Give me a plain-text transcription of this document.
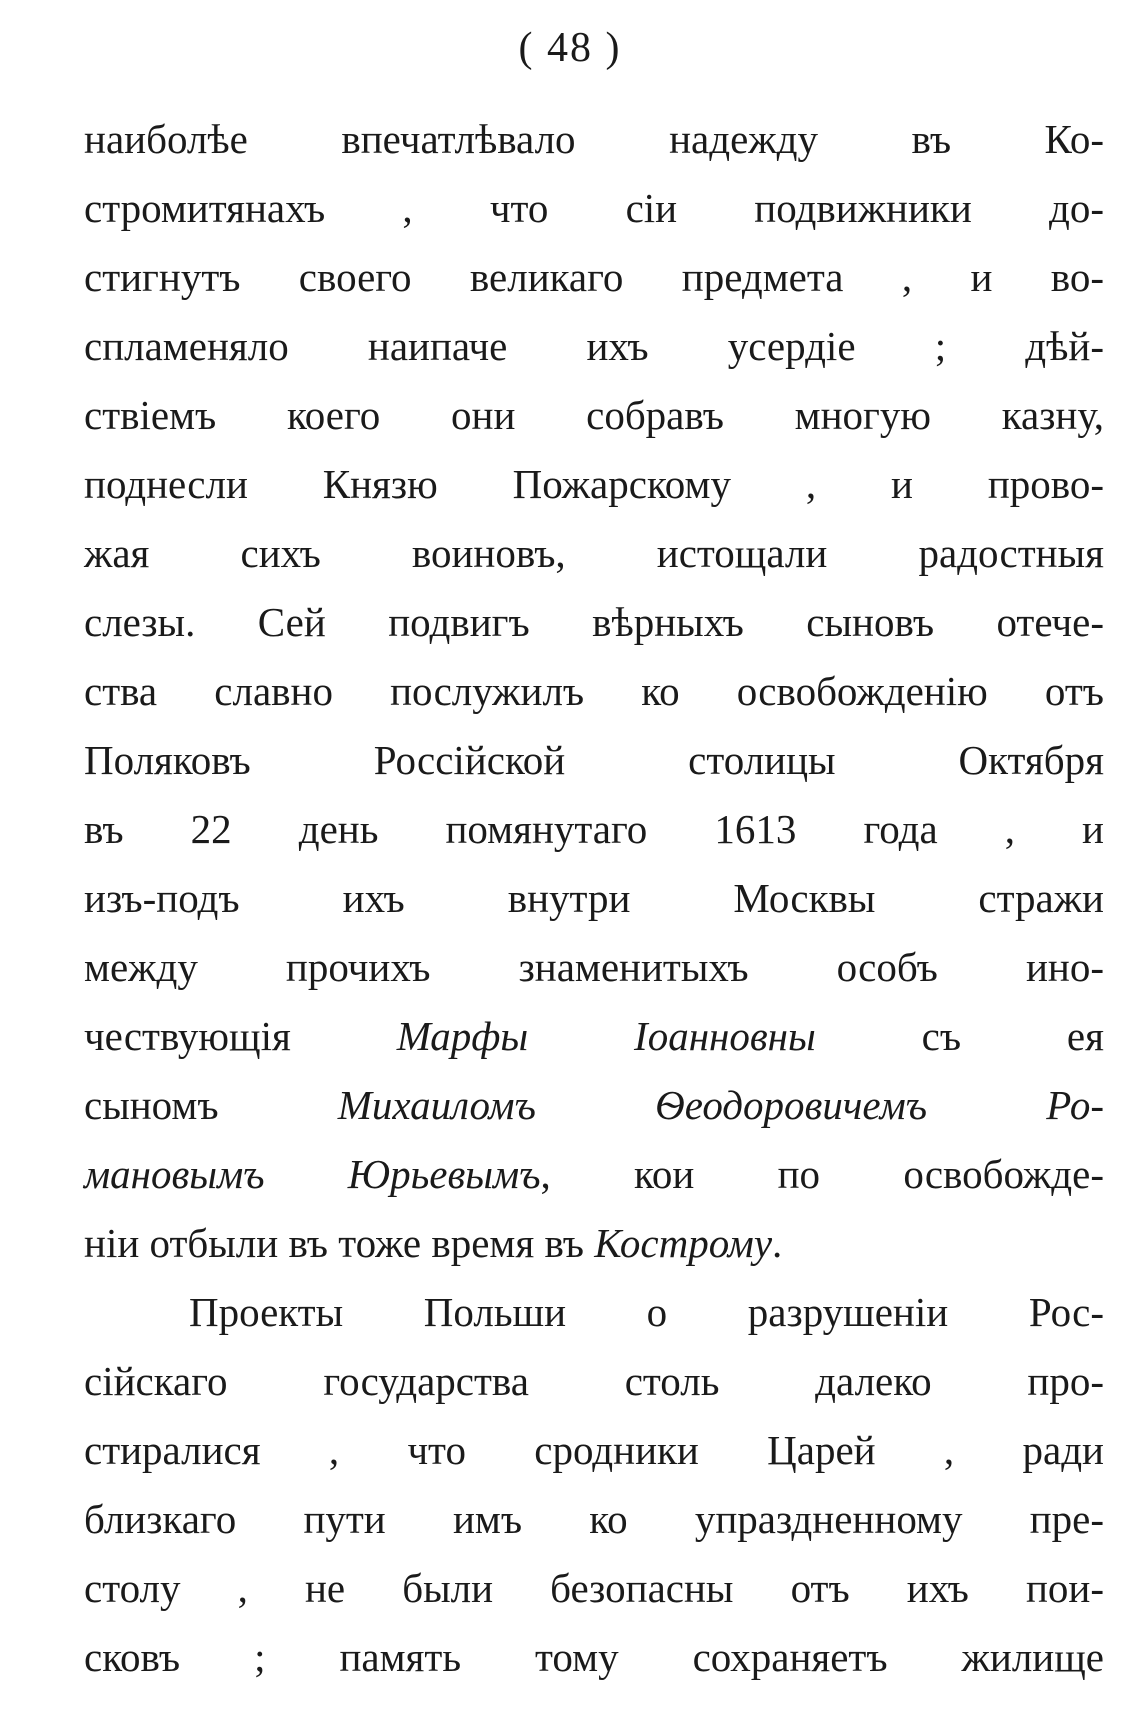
( 48 )
наиболѣе впечатлѣвало надежду въ Ко-
стромитянахъ , что сіи подвижники до-
стигнутъ своего великаго предмета , и во-
спламеняло наипаче ихъ усердіе ; дѣй-
ствіемъ коего они собравъ многую казну,
поднесли Князю Пожарскому , и прово-
жая сихъ воиновъ, истощали радостныя
слезы. Сей подвигъ вѣрныхъ сыновъ отече-
ства славно послужилъ ко освобожденію отъ
Поляковъ Россійской столицы Октября
въ 22 день помянутаго 1613 года , и
изъ-подъ ихъ внутри Москвы стражи
между прочихъ знаменитыхъ особъ ино-
чествующія Марфы Іоанновны съ ея
сыномъ Михаиломъ Ѳеодоровичемъ Ро-
мановымъ Юрьевымъ, кои по освобожде-
ніи отбыли въ тоже время въ Кострому.
Проекты Польши о разрушеніи Рос-
сійскаго государства столь далеко про-
стиралися , что сродники Царей , ради
близкаго пути имъ ко упраздненному пре-
столу , не были безопасны отъ ихъ пои-
сковъ ; память тому сохраняетъ жилище
